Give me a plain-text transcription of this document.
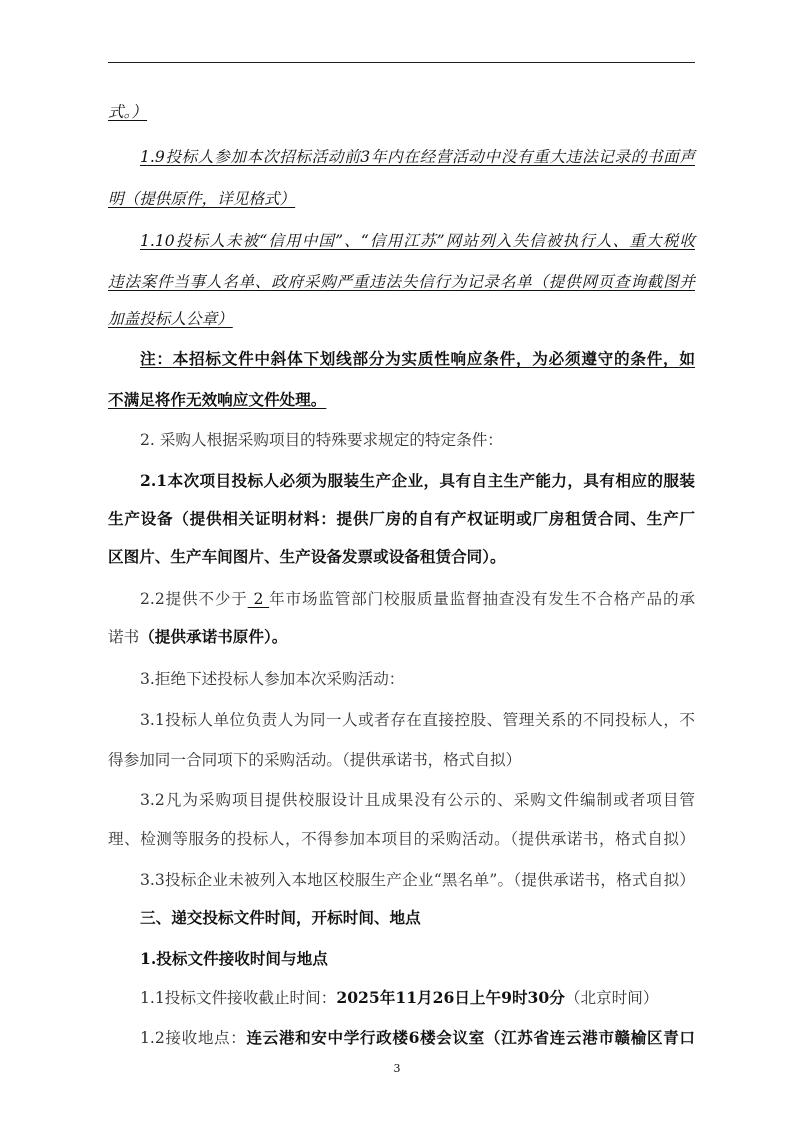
式。）
1.9投标人参加本次招标活动前3年内在经营活动中没有重大违法记录的书面声
明（提供原件，详见格式）
1.10投标人未被“信用中国”、“信用江苏”网站列入失信被执行人、重大税收
违法案件当事人名单、政府采购严重违法失信行为记录名单（提供网页查询截图并
加盖投标人公章）
注：本招标文件中斜体下划线部分为实质性响应条件，为必须遵守的条件，如
不满足将作无效响应文件处理。
2. 采购人根据采购项目的特殊要求规定的特定条件：
2.1本次项目投标人必须为服装生产企业，具有自主生产能力，具有相应的服装
生产设备（提供相关证明材料：提供厂房的自有产权证明或厂房租赁合同、生产厂
区图片、生产车间图片、生产设备发票或设备租赁合同）。
2.2提供不少于 2 年市场监管部门校服质量监督抽查没有发生不合格产品的承
诺书（提供承诺书原件）。
3.拒绝下述投标人参加本次采购活动：
3.1投标人单位负责人为同一人或者存在直接控股、管理关系的不同投标人，不
得参加同一合同项下的采购活动。（提供承诺书，格式自拟）
3.2凡为采购项目提供校服设计且成果没有公示的、采购文件编制或者项目管
理、检测等服务的投标人，不得参加本项目的采购活动。（提供承诺书，格式自拟）
3.3投标企业未被列入本地区校服生产企业“黑名单”。（提供承诺书，格式自拟）
三、递交投标文件时间，开标时间、地点
1.投标文件接收时间与地点
1.1投标文件接收截止时间：2025年11月26日上午9时30分（北京时间）
1.2接收地点：连云港和安中学行政楼6楼会议室（江苏省连云港市赣榆区青口
3
